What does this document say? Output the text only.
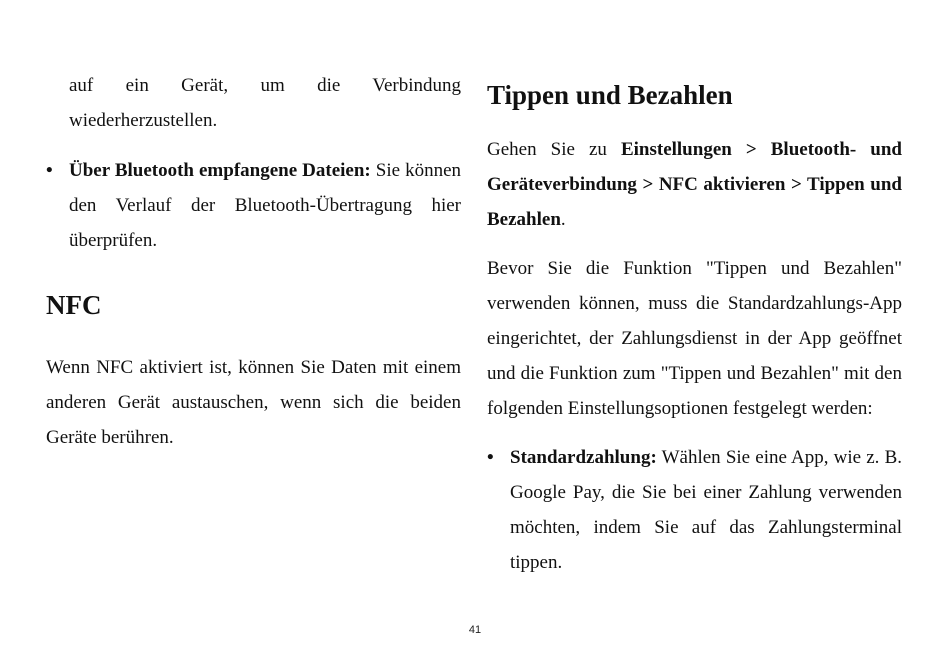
auf ein Gerät, um die Verbindung wiederherzustellen.

• Über Bluetooth empfangene Dateien: Sie können den Verlauf der Bluetooth-Übertragung hier überprüfen.

NFC

Wenn NFC aktiviert ist, können Sie Daten mit einem anderen Gerät austauschen, wenn sich die beiden Geräte berühren.

Tippen und Bezahlen

Gehen Sie zu Einstellungen > Bluetooth- und Geräteverbindung > NFC aktivieren > Tippen und Bezahlen.

Bevor Sie die Funktion "Tippen und Bezahlen" verwenden können, muss die Standardzahlungs-App eingerichtet, der Zahlungsdienst in der App geöffnet und die Funktion zum "Tippen und Bezahlen" mit den folgenden Einstellungsoptionen festgelegt werden:

• Standardzahlung: Wählen Sie eine App, wie z. B. Google Pay, die Sie bei einer Zahlung verwenden möchten, indem Sie auf das Zahlungsterminal tippen.

41
